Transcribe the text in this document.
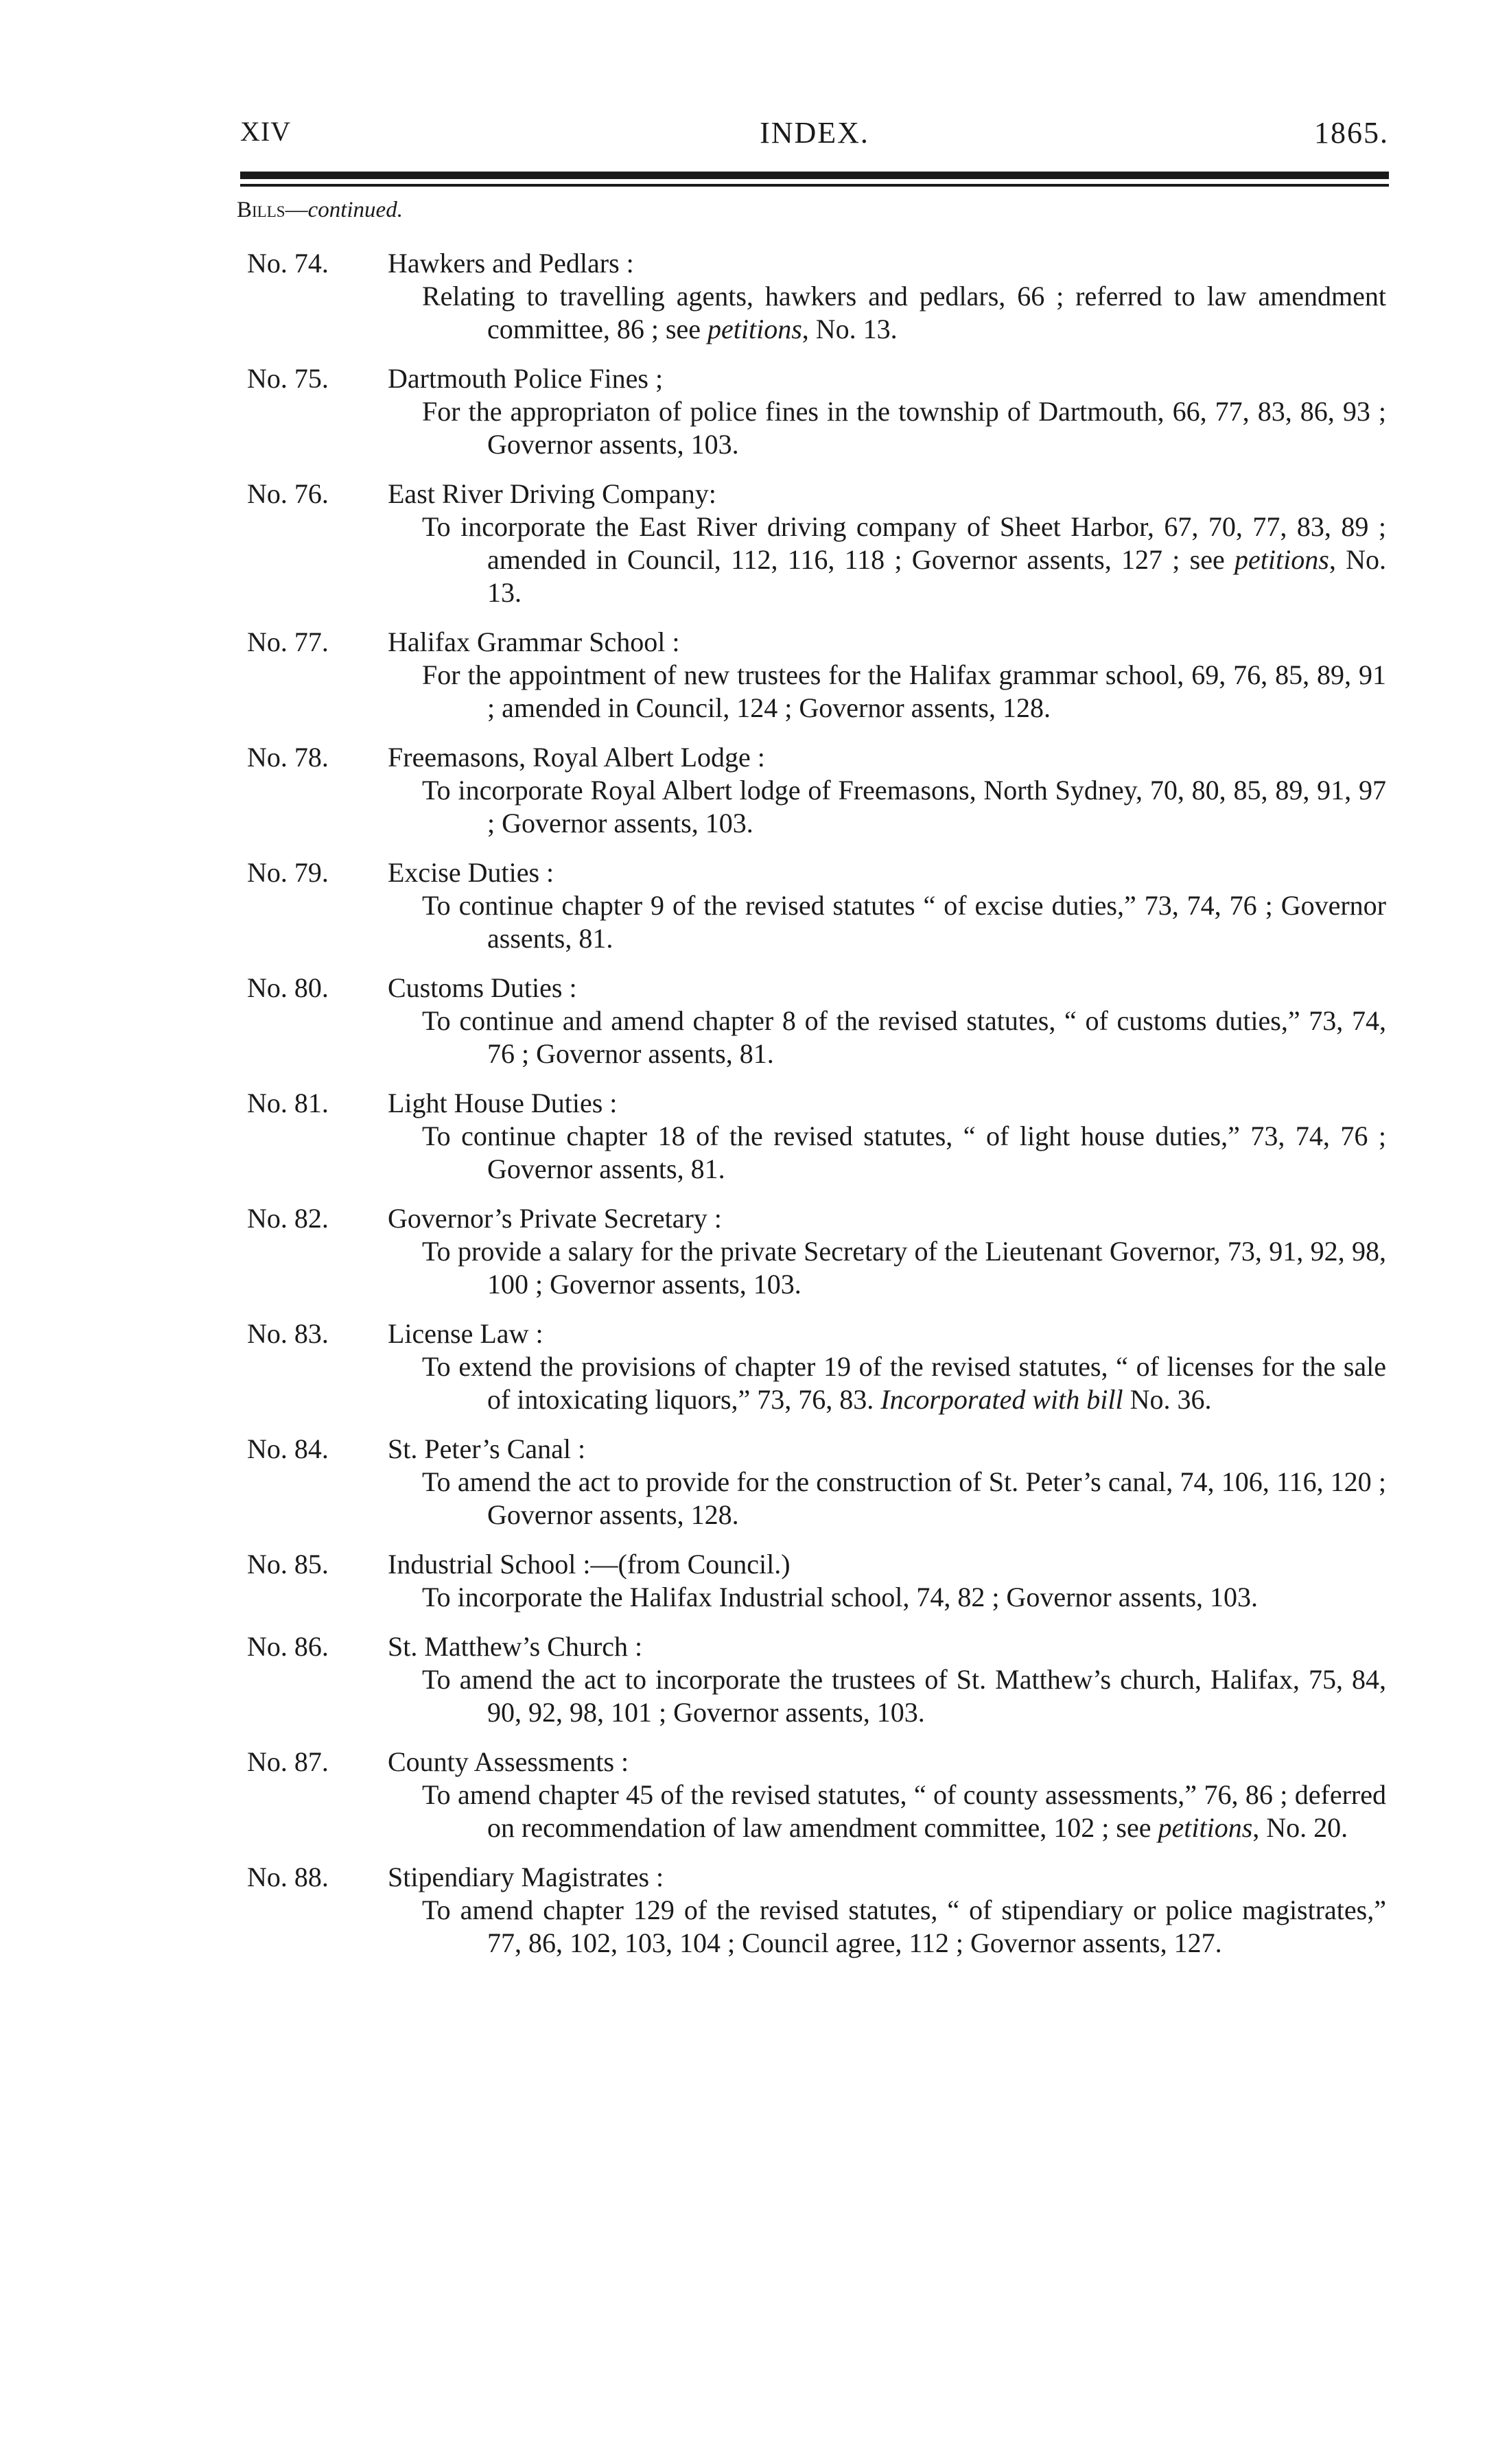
XIV	INDEX.	1865.
Bills—continued.
No. 74.	Hawkers and Pedlars :
Relating to travelling agents, hawkers and pedlars, 66 ; referred to law amendment committee, 86 ; see petitions, No. 13.
No. 75.	Dartmouth Police Fines ;
For the appropriaton of police fines in the township of Dartmouth, 66, 77, 83, 86, 93 ; Governor assents, 103.
No. 76.	East River Driving Company:
To incorporate the East River driving company of Sheet Harbor, 67, 70, 77, 83, 89 ; amended in Council, 112, 116, 118 ; Governor assents, 127 ; see petitions, No. 13.
No. 77.	Halifax Grammar School :
For the appointment of new trustees for the Halifax grammar school, 69, 76, 85, 89, 91 ; amended in Council, 124 ; Governor assents, 128.
No. 78.	Freemasons, Royal Albert Lodge :
To incorporate Royal Albert lodge of Freemasons, North Sydney, 70, 80, 85, 89, 91, 97 ; Governor assents, 103.
No. 79.	Excise Duties :
To continue chapter 9 of the revised statutes “ of excise duties,” 73, 74, 76 ; Governor assents, 81.
No. 80.	Customs Duties :
To continue and amend chapter 8 of the revised statutes, “ of customs duties,” 73, 74, 76 ; Governor assents, 81.
No. 81.	Light House Duties :
To continue chapter 18 of the revised statutes, “ of light house duties,” 73, 74, 76 ; Governor assents, 81.
No. 82.	Governor’s Private Secretary :
To provide a salary for the private Secretary of the Lieutenant Governor, 73, 91, 92, 98, 100 ; Governor assents, 103.
No. 83.	License Law :
To extend the provisions of chapter 19 of the revised statutes, “ of licenses for the sale of intoxicating liquors,” 73, 76, 83. Incorporated with bill No. 36.
No. 84.	St. Peter’s Canal :
To amend the act to provide for the construction of St. Peter’s canal, 74, 106, 116, 120 ; Governor assents, 128.
No. 85.	Industrial School :—(from Council.)
To incorporate the Halifax Industrial school, 74, 82 ; Governor assents, 103.
No. 86.	St. Matthew’s Church :
To amend the act to incorporate the trustees of St. Matthew’s church, Halifax, 75, 84, 90, 92, 98, 101 ; Governor assents, 103.
No. 87.	County Assessments :
To amend chapter 45 of the revised statutes, “ of county assessments,” 76, 86 ; deferred on recommendation of law amendment committee, 102 ; see petitions, No. 20.
No. 88.	Stipendiary Magistrates :
To amend chapter 129 of the revised statutes, “ of stipendiary or police magistrates,” 77, 86, 102, 103, 104 ; Council agree, 112 ; Governor assents, 127.
